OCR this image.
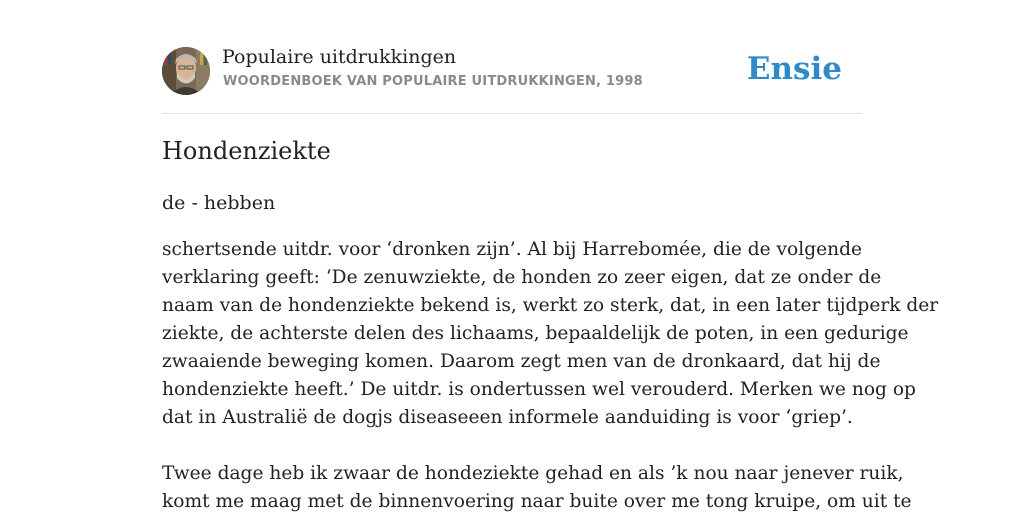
Populaire uitdrukkingen
WOORDENBOEK VAN POPULAIRE UITDRUKKINGEN, 1998	Ensie
Hondenziekte
de - hebben
schertsende uitdr. voor ‘dronken zijn’. Al bij Harrebomée, die de volgende
verklaring geeft: ‘De zenuwziekte, de honden zo zeer eigen, dat ze onder de
naam van de hondenziekte bekend is, werkt zo sterk, dat, in een later tijdperk der
ziekte, de achterste delen des lichaams, bepaaldelijk de poten, in een gedurige
zwaaiende beweging komen. Daarom zegt men van de dronkaard, dat hij de
hondenziekte heeft.’ De uitdr. is ondertussen wel verouderd. Merken we nog op
dat in Australië de dogjs diseaseeen informele aanduiding is voor ‘griep’.
Twee dage heb ik zwaar de hondeziekte gehad en als ’k nou naar jenever ruik,
komt me maag met de binnenvoering naar buite over me tong kruipe, om uit te
